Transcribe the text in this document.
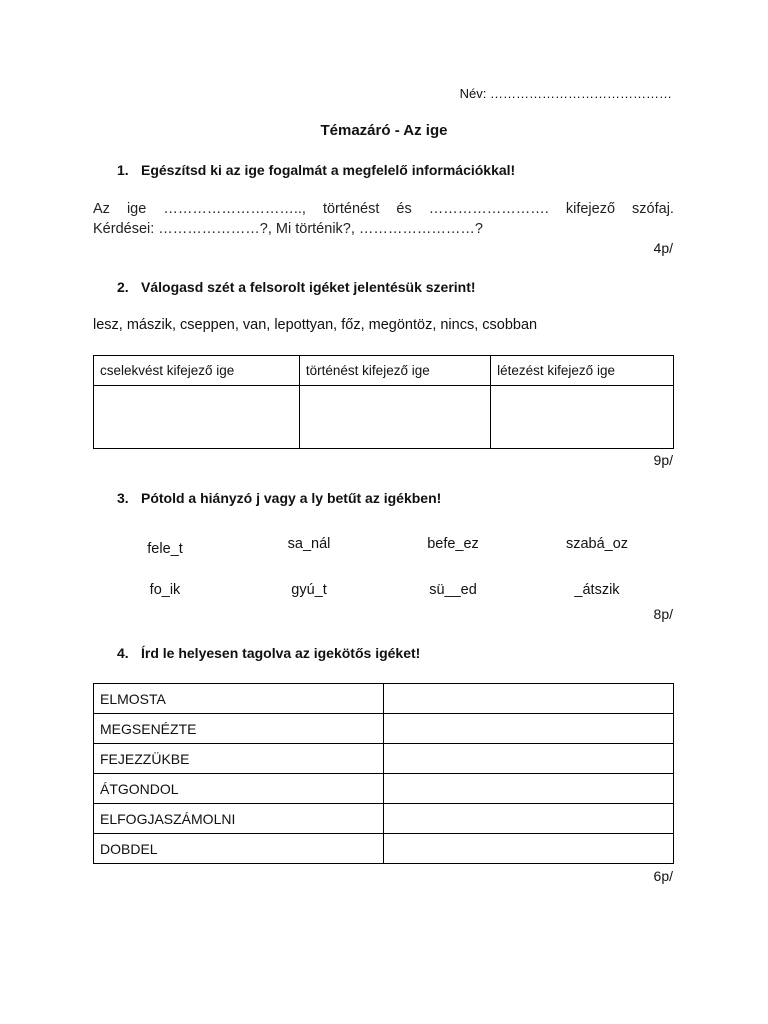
Név: ……………………………………
Témazáró - Az ige
1. Egészítsd ki az ige fogalmát a megfelelő információkkal!
Az ige ……………………….., történést és ……………………. kifejező szófaj.
Kérdései: …………………?, Mi történik?, ……………………?
4p/
2. Válogasd szét a felsorolt igéket jelentésük szerint!
lesz, mászik, cseppen, van, lepottyan, főz, megöntöz, nincs, csobban
cselekvést kifejező ige	történést kifejező ige	létezést kifejező ige

9p/
3. Pótold a hiányzó j vagy a ly betűt az igékben!
fele_t	sa_nál	befe_ez	szabá_oz
fo_ik	gyú_t	sü__ed	_átszik
8p/
4. Írd le helyesen tagolva az igekötős igéket!
ELMOSTA	
MEGSENÉZTE	
FEJEZZÜKBE	
ÁTGONDOL	
ELFOGJASZÁMOLNI	
DOBDEL	
6p/
